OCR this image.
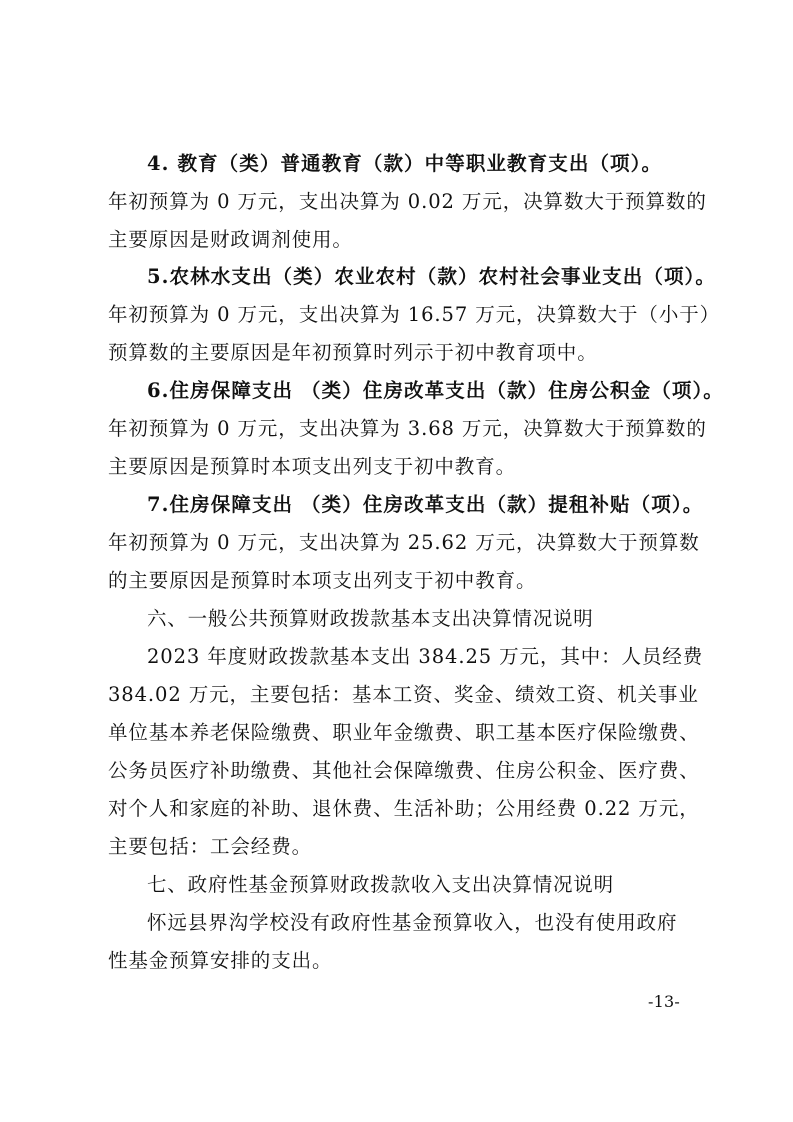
4. 教育（类）普通教育（款）中等职业教育支出（项）。
年初预算为 0 万元，支出决算为 0.02 万元，决算数大于预算数的
主要原因是财政调剂使用。
5.农林水支出（类）农业农村（款）农村社会事业支出（项）。
年初预算为 0 万元，支出决算为 16.57 万元，决算数大于（小于）
预算数的主要原因是年初预算时列示于初中教育项中。
6.住房保障支出 （类）住房改革支出（款）住房公积金（项）。
年初预算为 0 万元，支出决算为 3.68 万元，决算数大于预算数的
主要原因是预算时本项支出列支于初中教育。
7.住房保障支出 （类）住房改革支出（款）提租补贴（项）。
年初预算为 0 万元，支出决算为 25.62 万元，决算数大于预算数
的主要原因是预算时本项支出列支于初中教育。
六、一般公共预算财政拨款基本支出决算情况说明
2023 年度财政拨款基本支出 384.25 万元，其中：人员经费
384.02 万元，主要包括：基本工资、奖金、绩效工资、机关事业
单位基本养老保险缴费、职业年金缴费、职工基本医疗保险缴费、
公务员医疗补助缴费、其他社会保障缴费、住房公积金、医疗费、
对个人和家庭的补助、退休费、生活补助；公用经费 0.22 万元，
主要包括：工会经费。
七、政府性基金预算财政拨款收入支出决算情况说明
怀远县界沟学校没有政府性基金预算收入，也没有使用政府
性基金预算安排的支出。
-13-
